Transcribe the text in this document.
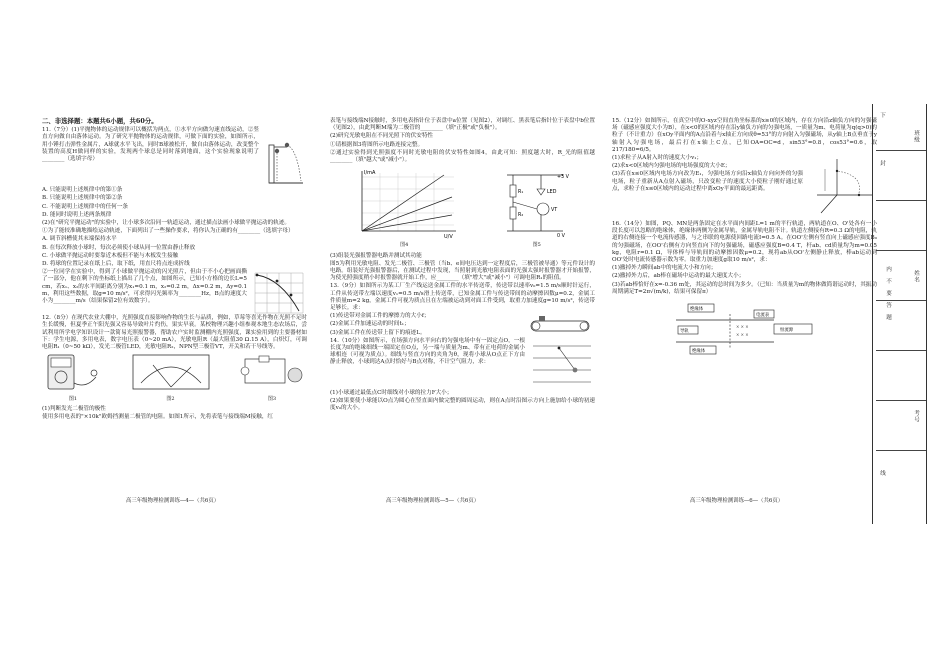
二、非选择题：本题共6小题，共60分。

11.（7分）(1)平抛物体的运动规律可以概括为两点，①水平方向做匀速直线运动，②竖直方向做自由落体运动。为了研究平抛物体的运动规律，可做下面的实验，如图所示，用小锤打击弹性金属片，A球就水平飞出，同时B球被松开，做自由落体运动，改变整个装置的高度H做同样的实验，发现两个球总是同时落到地面，这个实验现象说明了________（选填字母）

A. 只能说明上述规律中的第①条

B. 只能说明上述规律中的第②条

C. 不能说明上述规律中的任何一条

D. 能同时说明上述两条规律

(2)在"研究平抛运动"的实验中，让小球多次沿同一轨道运动，通过描点法画小球做平抛运动的轨迹。

①为了能较准确地描绘运动轨迹，下面列出了一些操作要求，将你认为正确的有________（选填字母）

A. 调节斜槽使其末端保持水平

B. 在每次释放小球时，每次必须使小球从同一位置由静止释放

C. 小球做平抛运动时要靠近木板但不能与木板发生接触

D. 将球的位置记录在纸上后，取下纸，用直尺将点连成折线

②一位同学在实验中，得到了小球做平抛运动的闪光照片，但由于不小心把画面撕了一部分，他在剩下的坐标纸上描出了几个点，如图所示，已知小方格的边长L=5 cm，若x₁、x₂的水平间距离分别为x₁=0.1 m，x₂=0.2 m，Δx=0.2 m，Δy=0.1 m，利用这些数据，取g=10 m/s²，可求得闪光频率为________Hz，B点的速度大小为________m/s（结果保留2位有效数字）。

12.（8分）在现代农业大棚中，光照强度直接影响作物的生长与品质，例如，草莓等喜光作物在光照不足时生长缓慢，但夏季正午阳光强又容易导致叶片灼伤，果实早衰。某校物理兴趣小组参观本地生态农场后，尝试利用所学电学知识设计一款简易光照报警器，帮助农户实时监测棚内光照强度，课实验用到的主要器材如下：学生电源，多用电表，数字电压表（0~20 mA），光敏电阻R（最大阻值30 Ω.15 A），白炽灯，可调电阻R₁（0~50 kΩ），发光二极管LED，光敏电阻R₂，NPN型三极管VT，开关和若干导线等。

图1	图2	图3

(1)判断发光二极管的极性

使用多用电表的"×10k"欧姆挡测量二极管的电阻。如图1所示，先将表笔与接线端M接触，红

高三年级物理检测训练—4—（共6页）

表笔与接线端N接触时，多用电表指针位于表盘中a位置（见图2），对调红、黑表笔后指针位于表盘中b位置（见图2），由此判断M端为二极管的________（填"正极"或"负极"）。

(2)研究光敏电阻在不同光照下的伏安特性

①请根据图3将图所示电路连接完整。

②通过实验得到光照强度不同时光敏电阻的伏安特性如图4，由此可知：照度越大时，R_光的阻值越________（填"越大"或"减小"）。

I/mA
U/V
图4
+3 V
R₁
R₂
LED
VT
0 V
图5

(3)组装光强报警器电路并测试其功能

图5为利用光敏电阻、发光二极管、三极管（当b、e间电压达到一定程度后，三极管被导通）等元件设计的电路。组装好光强报警器后，在测试过程中发现，当照射到光敏电阻表面的光强太强时报警器才开始报警，为使光照强度稍小时报警器就开始工作，应________（填"增大"或"减小"）可调电阻R₁的阻值。

13.（9分）如图所示为某工厂生产线运送金属工件的水平传送带，传送带以速率v₀=1.5 m/s顺时针运行，工件从传送带左端以速度v₁=0.5 m/s滑上传送带，已知金属工件与传送带间的动摩擦因数μ=0.2，金属工件质量m=2 kg，金属工件可视为质点且在左端被运动到对面工件受到，取重力加速度g=10 m/s²，传送带足够长。求：

(1)传送带对金属工件的摩擦力的大小f；

(2)金属工件加速运动的时间t₁；

(3)金属工件在传送带上留下的痕迹L。

14.（10分）如图所示，在场强方向水平向右的匀强电场中有一固定点O，一根长度为l的绝缘细线一端固定在O点，另一端与质量为m、带有正电荷的金属小球相连（可视为质点）。细线与竖直方向的夹角为θ，现将小球从O点正下方由静止释放，小球到达A点时恰好与B点对称，不计空气阻力，求：

(1)小球通过最低点C时细线对小球的拉力F大小；

(2)如果要使小球能以O点为圆心在竖直面内做完整的圆周运动，则在A点时沿图示方向上施加给小球的初速度v₀的大小。

高三年级物理检测训练—5—（共6页）

15.（12分）如图所示，在真空中的O-xyz空间直角坐标系的x≥0的区域内，存在方向沿z轴负方向的匀强磁场（磁感应强度大小为B），在x<0的区域内存在沿y轴负方向的匀强电场，一质量为m、电荷量为q(q>0)的粒子（不计重力）在xOy平面内的A点沿着与x轴正方向成θ=53°的方向射入匀强磁场，从y轴上B点垂直于y轴射入匀强电场，最后打在x轴上C点，已知OA=OC=d，sin53°=0.8，cos53°=0.6，取217/180=6/5。

(1)求粒子从A射入时的速度大小v₁；

(2)求x<0区域内匀强电场的电场强度的大小E；

(3)若在x≤0区域内电场方向改为E₁，匀强电场方向沿x轴负方向向外的匀强电场，粒子重新从A点射入磁场，只改变粒子的速度大小使粒子刚好通过原点，求粒子在x≤0区域内的运动过程中离xOy平面的最远距离。

16.（14分）如图，PQ、MN是两条固定在水平面内间距L=1 m的平行轨道，两轨道在O、O'处各有一小段长度可以忽略的绝缘体，绝缘体两侧为金属导轨，金属导轨电阻不计。轨道左侧接有R=0.3 Ω的电阻，轨道的右侧连接一个电流传感器，与之串联的电源使回路电流I=0.5 A。在OO'左侧有竖直向上磁感应强度B₀的匀强磁场，在OO'右侧有方向竖直向下的匀强磁场，磁感应强度B=0.4 T，杆ab、cd质量均为m=0.05 kg，电阻r=0.1 Ω，导体棒与导轨间的动摩擦因数μ=0.2，现将ab从OO'左侧静止释放，棒ab运动到OO'处时电流传感器示数为零。取重力加速度g取10 m/s²，求：

(1)撤掉外力瞬间ab中的电流大小和方向；

(2)撤掉外力后，ab棒在磁场中运动的最大速度大小；

(3)若ab棒恰好在x=-0.36 m处，其运动的总时间为多少。（已知：当质量为m的物体做简谐运动时，其振动周期满足T=2π√(m/k)，结果可保留π）

× × ×
× × ×
绝缘体
电流表
恒流源
导轨
绝缘体
高三年级物理检测训练—6—（共6页）
下
封
线
内
不
要
答
题
班级
姓名
考号
